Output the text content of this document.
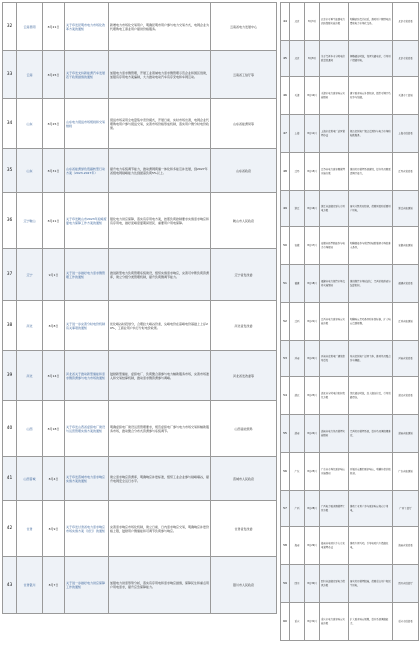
32	云南昆明	8月21日	关于印发昆明市电力市场化改革方案的通知	新增电力市场化交易用户，明确昆明市用户参与电力交易方式，电网企业为代理购电工商业用户提供价格服务。	云南省电力发展中心
33	云南	8月25日	关于印发支持新能源汽车发展若干政策措施的通知	加强电力需求侧管理，开展工业领域电力需求侧管理示范企业和园区创建，加强有序用电方案编制，大力推动电动汽车有序充电和车网互动。	云南省工信厅等
34	山东	8月25日	山东电力现货市场规则和交易细则	现货市场采用全电量集中竞价模式，开展日前、实时市场出清，电网企业代理购电用户参与现货交易，完善市场价格形成机制，落实用户侧分时电价政策。	山东省能源局等
35	山东	8月31日	山东省能源绿色低碳转型行动方案（2023-2027年）	提升电力系统调节能力，推动源网荷储一体化和多能互补发展，到2027年省级电网削峰能力达到最高负荷5%以上。	山东省政府
36	辽宁鞍山	8月21日	关于印发鞍山市2023年迎峰度夏电力保障工作方案的通知	强化电力供应保障，落实有序用电方案，按照负荷控制要求实施需求响应和有序用电，做好迎峰度夏期间居民、重要用户用电保障。	鞍山市人民政府
37	辽宁	9月1日	关于进一步做好电力需求侧管理工作的通知	推进新型电力负荷管理系统建设，组织实施需求响应，完善可中断负荷资源库，建立分级分类管理机制，提升负荷侧调节能力。	辽宁省发改委
38	河北	8月8日	关于进一步完善分时电价机制有关事项的通知	优化峰谷时段划分，合理拉大峰谷价差，尖峰电价在高峰电价基础上上浮20%，工商业用户执行分时电价政策。	河北省发改委
39	河北	8月14日	河北省关于推动新型储能和需求侧资源参与电力市场的通知	鼓励新型储能、虚拟电厂、负荷聚合商参与电力辅助服务市场，完善市场准入和交易结算机制，推动需求侧资源参与调峰。	河北省发改委等
40	山西	8月18日	关于印发山西省虚拟电厂建设与运营管理实施方案的通知	明确虚拟电厂建设运营管理要求，规范虚拟电厂参与电力市场交易和辅助服务市场，推动聚合分布式资源参与系统调节。	山西省能源局
41	山西晋城	8月4日	关于印发晋城市电力需求响应实施方案的通知	建立需求响应资源库，明确响应补偿标准，组织工业企业参与削峰填谷，提升电网安全运行水平。	晋城市人民政府
42	甘肃	8月9日	关于印发甘肃省电力需求响应市场实施方案（试行）的通知	完善需求响应市场化机制，建立日前、日内需求响应交易，明确响应补偿价格上限，鼓励用户侧储能和可调节负荷参与响应。	甘肃省发改委
43	甘肃银川	8月7日	关于进一步做好电力供应保障工作的通知	加强电力供需形势分析，落实有序用电和需求响应措施，保障民生和重点用户用电需求，提升应急保障能力。	银川市人民政府
44	北京	8月3日	北京市可再生能源电力消纳保障实施方案	明确消纳责任权重，推动用户侧绿电消费和电力市场化交易。	北京市发改委
45	北京	8月8日	关于完善本市分时电价政策的通知	调整峰谷时段，设置尖峰电价，引导用户错峰用电。	北京市发改委
46	天津	8月10日	天津市电力需求响应实施细则	建立需求响应补偿机制，组织可调节负荷参与削峰。	天津市工信局
47	上海	8月11日	上海市虚拟电厂运营管理办法	规范虚拟电厂聚合资源参与电力市场和辅助服务。	上海市经信委
48	江苏	8月15日	江苏省电力需求侧管理实施方案	推进负荷管理系统建设，提升负荷侧灵活调节能力。	江苏省发改委
49	浙江	8月16日	浙江省迎峰度夏有序用电方案	落实分级负荷控制，保障居民和重要用户用电。	浙江省能源局
50	安徽	8月17日	安徽省新型储能参与电力市场规则	明确储能参与现货和辅助服务市场的准入条件。	安徽省能源局
51	福建	8月18日	福建省电力现货市场交易实施细则	推进现货市场试运行，完善价格形成与结算机制。	福建省发改委
52	江西	8月21日	江西省电力需求响应实施方案	明确响应启动条件和补偿标准，扩大响应资源规模。	江西省能源局
53	河南	8月22日	河南省虚拟电厂建设指导意见	培育虚拟电厂运营主体，推动负荷聚合参与调峰。	河南省发改委
54	湖北	8月23日	湖北省分时电价机制优化方案	优化峰谷时段，拉大峰谷价差，引导削峰填谷。	湖北省发改委
55	湖南	8月24日	湖南省电力负荷管理实施细则	完善负荷管理系统，提升负荷调控精准度。	湖南省能源局
56	广东	8月25日	广东省市场化需求响应实施细则	开展日前邀约需求响应，明确补偿价格机制。	广东省能源局
57	广西	8月28日	广西电力需求侧管理工作方案	推动工业用户参与需求响应和有序用电。	广西工信厅
58	海南	8月29日	海南省电动汽车有序充电管理办法	推动车网互动，引导电动汽车错峰充电。	海南省发改委
59	四川	8月30日	四川省迎峰度夏电力保供方案	落实负荷管理措施，保障重点用户和民生用电。	四川省经信厅
60	重庆	8月31日	重庆市电力需求响应实施方案	扩大需求响应规模，提升系统调峰能力。	重庆市经信委
